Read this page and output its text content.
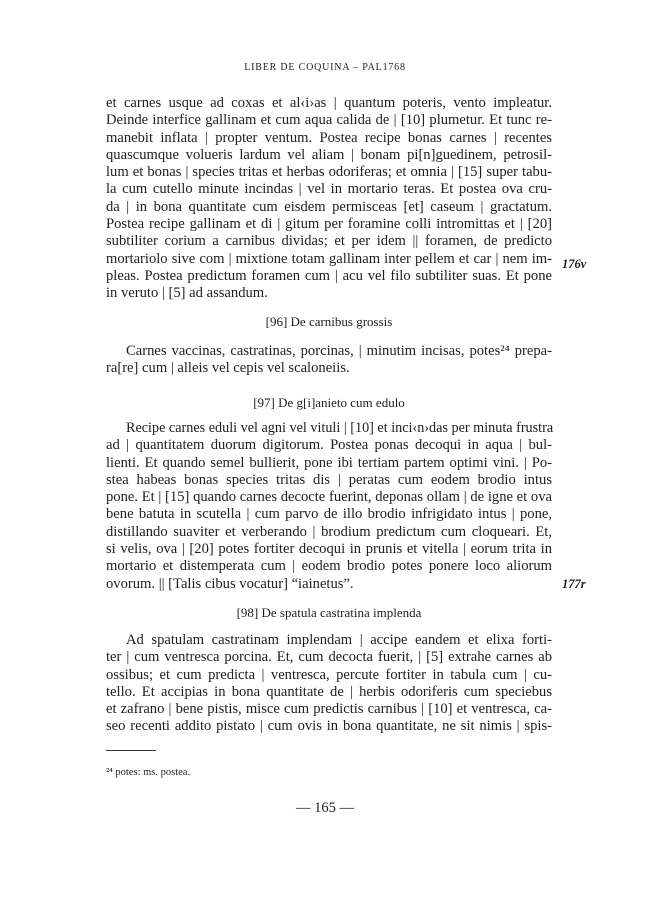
LIBER DE COQUINA – PAL1768
et carnes usque ad coxas et al‹i›as | quantum poteris, vento impleatur.
Deinde interfice gallinam et cum aqua calida de | [10] plumetur. Et tunc re-
manebit inflata | propter ventum. Postea recipe bonas carnes | recentes
quascumque volueris lardum vel aliam | bonam pi[n]guedinem, petrosil-
lum et bonas | species tritas et herbas odoriferas; et omnia | [15] super tabu-
la cum cutello minute incindas | vel in mortario teras. Et postea ova cru-
da | in bona quantitate cum eisdem permisceas [et] caseum | gractatum.
Postea recipe gallinam et di | gitum per foramine colli intromittas et | [20]
subtiliter corium a carnibus dividas; et per idem || foramen, de predicto
mortariolo sive com | mixtione totam gallinam inter pellem et car | nem im-
pleas. Postea predictum foramen cum | acu vel filo subtiliter suas. Et pone
in veruto | [5] ad assandum.
176v
[96] De carnibus grossis
Carnes vaccinas, castratinas, porcinas, | minutim incisas, potes²⁴ prepa-
ra[re] cum | alleis vel cepis vel scaloneiis.
[97] De g[i]anieto cum edulo
Recipe carnes eduli vel agni vel vituli | [10] et inci‹n›das per minuta frustra
ad | quantitatem duorum digitorum. Postea ponas decoqui in aqua | bul-
lienti. Et quando semel bullierit, pone ibi tertiam partem optimi vini. | Po-
stea habeas bonas species tritas dis | peratas cum eodem brodio intus
pone. Et | [15] quando carnes decocte fuerint, deponas ollam | de igne et ova
bene batuta in scutella | cum parvo de illo brodio infrigidato intus | pone,
distillando suaviter et verberando | brodium predictum cum cloqueari. Et,
si velis, ova | [20] potes fortiter decoqui in prunis et vitella | eorum trita in
mortario et distemperata cum | eodem brodio potes ponere loco aliorum
ovorum. || [Talis cibus vocatur] “iainetus”.	177r
[98] De spatula castratina implenda
Ad spatulam castratinam implendam | accipe eandem et elixa forti-
ter | cum ventresca porcina. Et, cum decocta fuerit, | [5] extrahe carnes ab
ossibus; et cum predicta | ventresca, percute fortiter in tabula cum | cu-
tello. Et accipias in bona quantitate de | herbis odoriferis cum speciebus
et zafrano | bene pistis, misce cum predictis carnibus | [10] et ventresca, ca-
seo recenti addito pistato | cum ovis in bona quantitate, ne sit nimis | spis-
²⁴ potes: ms. postea.
— 165 —
